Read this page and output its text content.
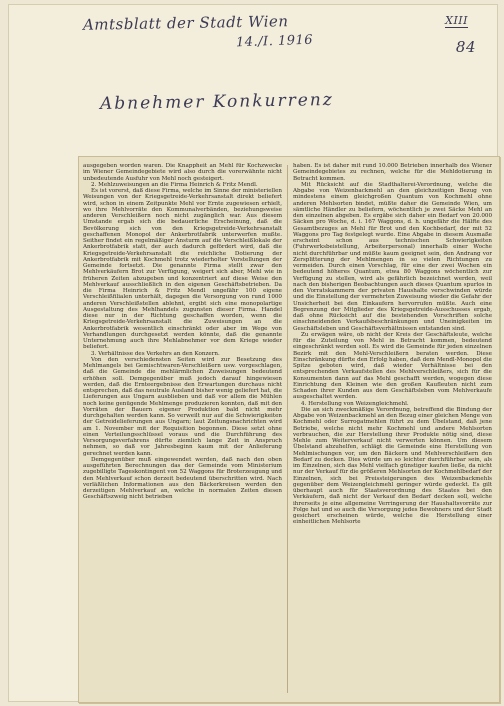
Amtsblatt der Stadt Wien	XIII
14./I. 1916	84
Abnehmer Konkurrenz

ausgegeben worden waren. Die Knappheit an Mehl für Kochzwecke im Wiener Gemeindegebiete wird also durch die vorerwähnte nicht unbedeutende Ausfuhr von Mehl noch gesteigert.

2. Mehlzuweisungen an die Firma Heinrich & Fritz Mendl.

Es ist vorerst, daß diese Firma, welche im Sinne der ministeriellen Weisungen von der Kriegsgetreide-Verkehrsanstalt direkt beliefert wird, schon in einem Zeitpunkte Mehl vor Ernte zugewiesen erhielt, wo ihre Mehlvorräte den Kommunalverbänden, beziehungsweise anderen Verschleißern noch nicht zugänglich war. Aus diesem Umstande ergab sich die bedauerliche Erscheinung, daß die Bevölkerung sich von den Kriegsgetreide-Verkehrsanstalt geschaffenen Monopol der Ankerbrotfabrik unterwerfen mußte. Seither findet ein regelmäßiger Ansturm auf die Verschleißlokale der Ankerbrotfabrik statt, der auch dadurch gefördert wird, daß die Kriegsgetreide-Verkehrsanstalt die reichliche Dotierung der Ankerbrotfabrik mit Kochmehl trotz wiederholter Vorstellungen der Gemeinde fortsetzt. Die genannte Firma stellt zwar den Mehlverkäufern Brot zur Verfügung, weigert sich aber, Mehl wie in früheren Zeiten abzugeben und konzentriert auf diese Weise den Mehlverkauf ausschließlich in den eigenen Geschäftsbetrieben. Da die Firma Heinrich & Fritz Mendl ungefähr 100 eigene Verschleißfilialen unterhält, dagegen die Versorgung von rund 1000 anderen Verschleißstellen ablehnt, ergibt sich eine monopolartige Ausgestaltung des Mehlhandels zugunsten dieser Firma. Handel diese nur in der Richtung geschaffen worden, wenn die Kriegsgetreide-Verkehrsanstalt die Zuweisungen an die Ankerbrotfabrik wesentlich einschränkt oder aber im Wege von Verhandlungen durchgesetzt werden könnte, daß die genannte Unternehmung auch ihre Mehlabnehmer vor dem Kriege wieder beliefert.

3. Verhältnisse des Verkehrs an den Konzern.

Von den verschiedensten Seiten wird zur Besetzung des Mehlmangels bei Gemischtwaren-Verschleißern usw. vorgeschlagen, daß die Gemeinde die mehlärmlichen Zuweisungen bedeutend erhöhen soll. Demgegenüber muß jedoch darauf hingewiesen werden, daß die Ernteergebnisse den Erwartungen durchaus nicht entsprechen, daß das neutrale Ausland bisher wenig geliefert hat, die Lieferungen aus Ungarn ausblieben und daß vor allem die Mühlen noch keine genügende Mehlmenge produzieren konnten, daß mit den Vorräten der Bauern eigener Produktion bald nicht mehr durchgehalten werden kann. So verweilt nur auf die Schwierigkeiten der Getreidelieferungen aus Ungarn; laut Zeitungsnachrichten wird am 1. November mit der Requisition begonnen. Diese setzt ohne einen Verteilungsschlüssel voraus und die Durchführung des Versorgungsverfahrens dürfte ziemlich lange Zeit in Anspruch nehmen, so daß vor Jahresbeginn kaum mit der Anlieferung gerechnet werden kann.

Demgegenüber muß eingewendet werden, daß nach den oben ausgeführten Berechnungen das der Gemeinde vom Ministerium zugebilligte Tageskontingent von 52 Waggons für Broterzeugung und den Mehlverkauf schon derzeit bedeutend überschritten wird. Nach verläßlichen Informationen aus den Bäckerkreisen werden den derzeitigen Mehlverkauf an, welche in normalen Zeiten diesen Geschäftszweig nicht betrieben

haben. Es ist daher mit rund 10.000 Betrieben innerhalb des Wiener Gemeindegebietes zu rechnen, welche für die Mehldotierung in Betracht kommen.

Mit Rücksicht auf die Stadthalterei-Verordnung, welche die Abgabe von Weizenbackmehl an den gleichzeitigen Bezug von mindestens einem gleichgroßen Quantum von Kochmehl ohne anderen Mehlsorten bindet, müßte daher die Gemeinde Wien, um sämtliche Händler zu beliefern, wöchentlich je zwei Säcke Mehl an den einzelnen abgeben. Es ergäbe sich daher ein Bedarf von 20.000 Säcken pro Woche, d. i. 167 Waggons, d. h. ungefähr die Hälfte des Gesamtbezuges an Mehl für Brot und den Kochbedarf, der mit 52 Waggons pro Tag festgelegt wurde. Eine Abgabe in diesem Ausmaße erscheint schon aus technischen Schwierigkeiten (Fuhrwerksbeistellung, Arbeiterpersonal) innerhalb einer Woche nicht durchführbar und müßte kaum geeignet sein, den Andrang vor Zersplitterung der Mehlmengen in so vielen Richtungen zu vermeiden. Durch einen Vorschlag, für eine der zwei Wochen ein bedeutend höheres Quantum, etwa 80 Waggons wöchentlich zur Verfügung zu stellen, wird als gefährlich bezeichnet werden, weil nach den bisherigen Beobachtungen auch dieses Quantum spurlos in den Vorratskammern der privaten Haushalte verschwinden würde und die Einstellung der vermehrten Zuweisung wieder die Gefahr der Unsicherheit bei den Einkaufern hervorrufen müßte. Auch eine Begrenzung der Mitglieder des Kriegsgetreide-Ausschusses ergab, daß ohne Rücksicht auf die bestehenden Vorschriften solche einschneidenden Verkaufsbeschränkungen und Uneinigkeiten im Geschäftsleben und Geschäftsverhältnissen entstanden sind.

Zu erwägen wäre, ob nicht der Kreis der Geschäftsleute, welche für die Zuteilung von Mehl in Betracht kommen, bedeutend eingeschränkt werden soll. Es wird die Gemeinde für jeden einzelnen Bezirk mit den Mehl-Verschleißern beraten werden. Diese Einschränkung dürfte den Erfolg haben, daß dem Mendl-Monopol die Spitze geboten wird, daß wieder Verhältnisse bei den entsprechenden Verkaufstellen des Mehlverschleißers, sich für die Konsumenten dann auf das Mehl geschafft werden, wogegen diese Einrichtung den Kleinen wie den großen Kaufleuten nicht zum Schaden ihrer Kunden aus dem Geschäftsleben vom Mehlverkaufe ausgeschaltet werden.

4. Herstellung von Weizengleichmehl.

Die an sich zweckmäßige Verordnung, betreffend die Bindung der Abgabe von Weizenbackmehl an den Bezug einer gleichen Menge von Kochmehl oder Surrogatmehlen führt zu dem Übelstand, daß jene Betriebe, welche nicht mehr Kochmehl und andere Mehlsorten verbrauchen, die zur Herstellung ihrer Produkte nötig sind, diese Mehle zum Weiterverkauf nicht verwerten können. Um diesem Übelstand abzuhelfen, schlägt die Gemeinde eine Herstellung von Mehlmischungen vor, um den Bäckern und Mehlverschleißern den Bedarf zu decken. Dies würde um so leichter durchführbar sein, als im Einzelnen, sich das Mehl vielfach günstiger kaufen ließe, da nicht nur der Verkauf für die größeren Mehlsorten der Kochmehlbedarf der Einzelnen, sich bei Preissteigerungen des Weizenbackmehls gegenüber dem Weizengleichmehl geringer würde gedeckt. Es gilt überhaupt auch für Staatsverordnung des Staates bei den Verkäufern, daß nicht der Verkauf den Bedarf decken soll, welche ihrerseits je eine allgemeine Verringerung der Haushaltsvorräte zur Folge hat und so auch die Versorgung jedes Bewohners und der Stadt gesichert erscheinen würde, welche die Herstellung einer einheitlichen Mehlsorte
